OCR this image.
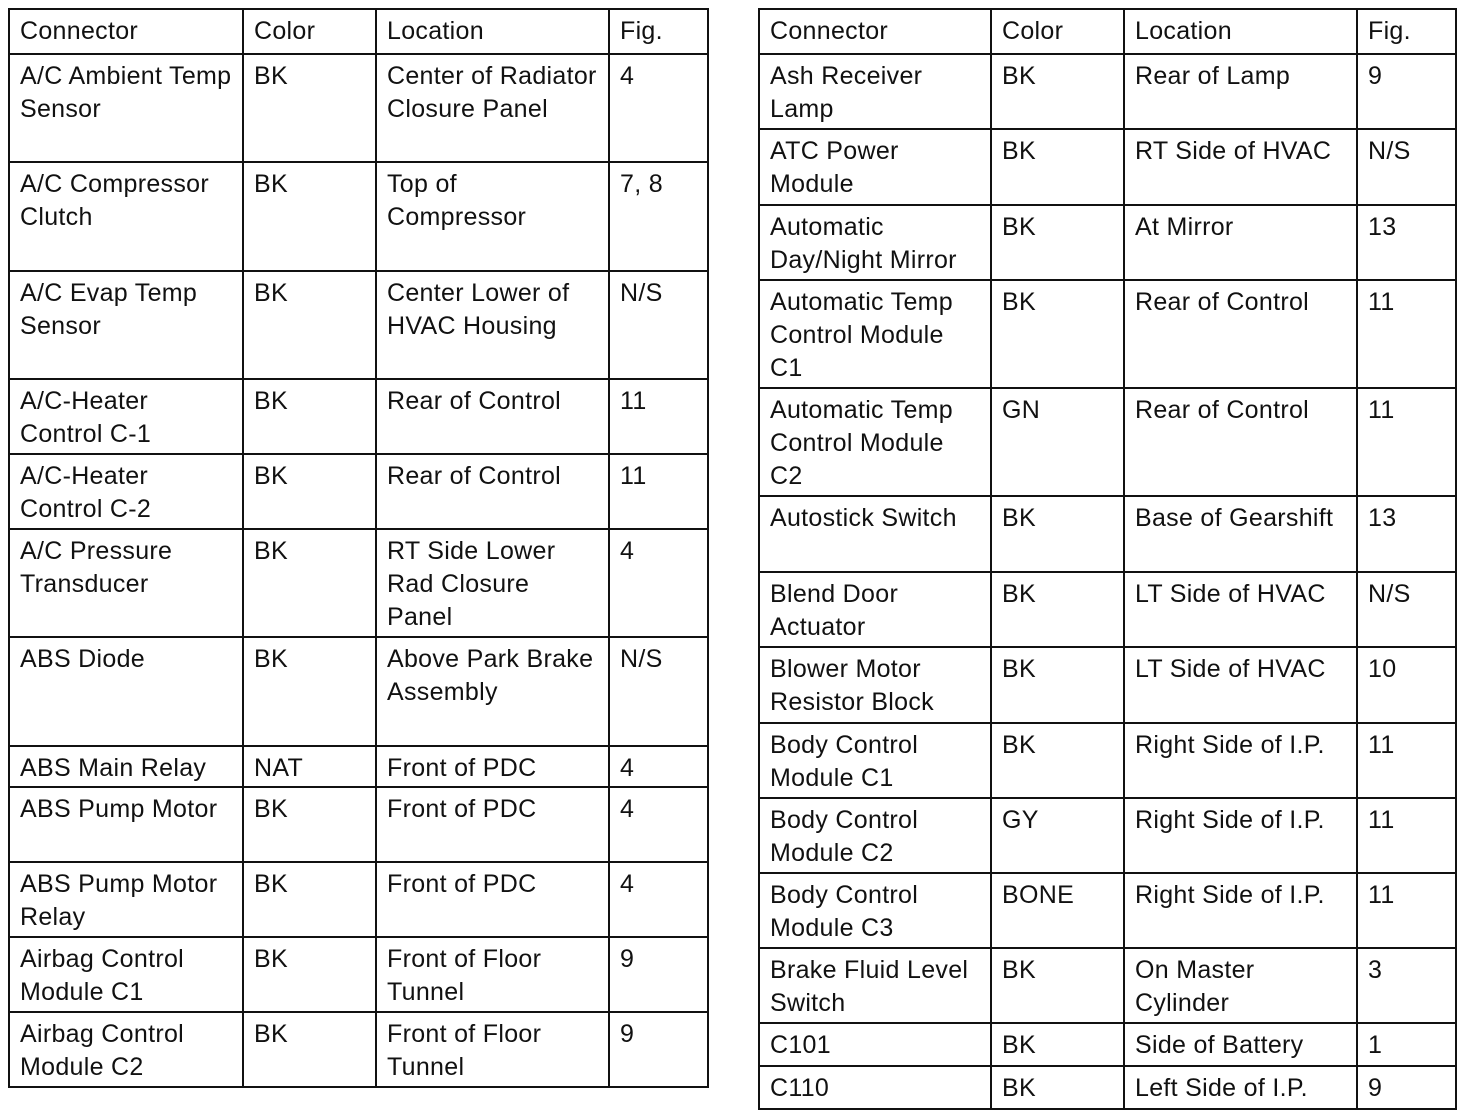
Connector	Color	Location	Fig.
A/C Ambient Temp Sensor	BK	Center of Radiator Closure Panel	4
A/C Compressor Clutch	BK	Top of Compressor	7, 8
A/C Evap Temp Sensor	BK	Center Lower of HVAC Housing	N/S
A/C-Heater Control C-1	BK	Rear of Control	11
A/C-Heater Control C-2	BK	Rear of Control	11
A/C Pressure Transducer	BK	RT Side Lower Rad Closure Panel	4
ABS Diode	BK	Above Park Brake Assembly	N/S
ABS Main Relay	NAT	Front of PDC	4
ABS Pump Motor	BK	Front of PDC	4
ABS Pump Motor Relay	BK	Front of PDC	4
Airbag Control Module C1	BK	Front of Floor Tunnel	9
Airbag Control Module C2	BK	Front of Floor Tunnel	9
Connector	Color	Location	Fig.
Ash Receiver Lamp	BK	Rear of Lamp	9
ATC Power Module	BK	RT Side of HVAC	N/S
Automatic Day/Night Mirror	BK	At Mirror	13
Automatic Temp Control Module C1	BK	Rear of Control	11
Automatic Temp Control Module C2	GN	Rear of Control	11
Autostick Switch	BK	Base of Gearshift	13
Blend Door Actuator	BK	LT Side of HVAC	N/S
Blower Motor Resistor Block	BK	LT Side of HVAC	10
Body Control Module C1	BK	Right Side of I.P.	11
Body Control Module C2	GY	Right Side of I.P.	11
Body Control Module C3	BONE	Right Side of I.P.	11
Brake Fluid Level Switch	BK	On Master Cylinder	3
C101	BK	Side of Battery	1
C110	BK	Left Side of I.P.	9
